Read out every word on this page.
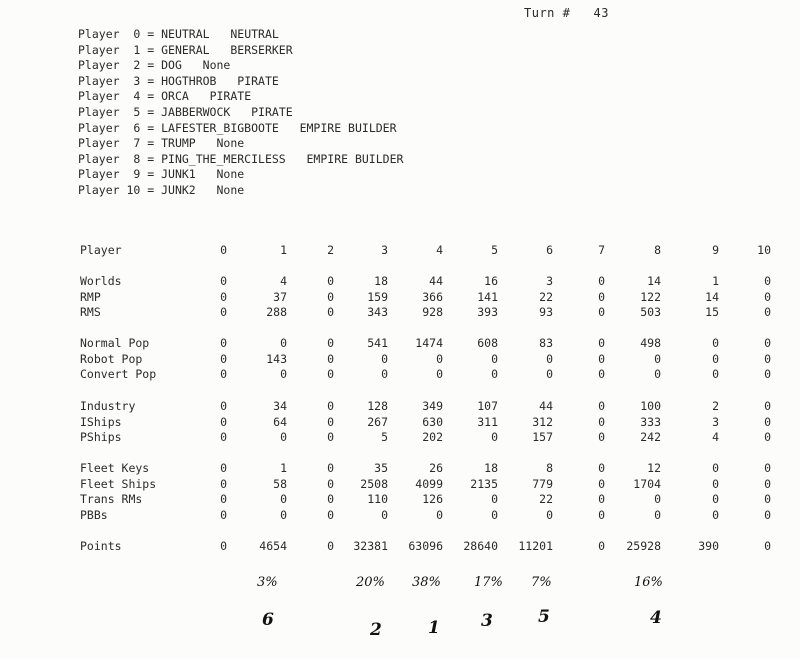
Turn # 43
Player  0 = NEUTRAL NEUTRAL
Player  1 = GENERAL BERSERKER
Player  2 = DOG None
Player  3 = HOGTHROB PIRATE
Player  4 = ORCA PIRATE
Player  5 = JABBERWOCK PIRATE
Player  6 = LAFESTER_BIGBOOTE EMPIRE BUILDER
Player  7 = TRUMP None
Player  8 = PING_THE_MERCILESS EMPIRE BUILDER
Player  9 = JUNK1 None
Player 10 = JUNK2 None
Player	0	1	2	3	4	5	6	7	8	9	10
Worlds	0	4	0	18	44	16	3	0	14	1	0
RMP	0	37	0	159	366	141	22	0	122	14	0
RMS	0	288	0	343	928	393	93	0	503	15	0
Normal Pop	0	0	0	541 1474	608	83	0	498	0	0
Robot Pop	0	143	0	0	0	0	0	0	0	0	0
Convert Pop	0	0	0	0	0	0	0	0	0	0	0
Industry	0	34	0	128	349	107	44	0	100	2	0
IShips	0	64	0	267	630	311	312	0	333	3	0
PShips	0	0	0	5	202	0	157	0	242	4	0
Fleet Keys	0	1	0	35	26	18	8	0	12	0	0
Fleet Ships	0	58	0 2508 4099 2135	779	0 1704	0	0
Trans RMs	0	0	0	110	126	0	22	0	0	0	0
PBBs	0	0	0	0	0	0	0	0	0	0	0
Points	0	4654	0 32381 63096 28640 11201	0 25928	390	0
3%	20% 38%	17% 7%	16%
6	2	1 3	5	4
